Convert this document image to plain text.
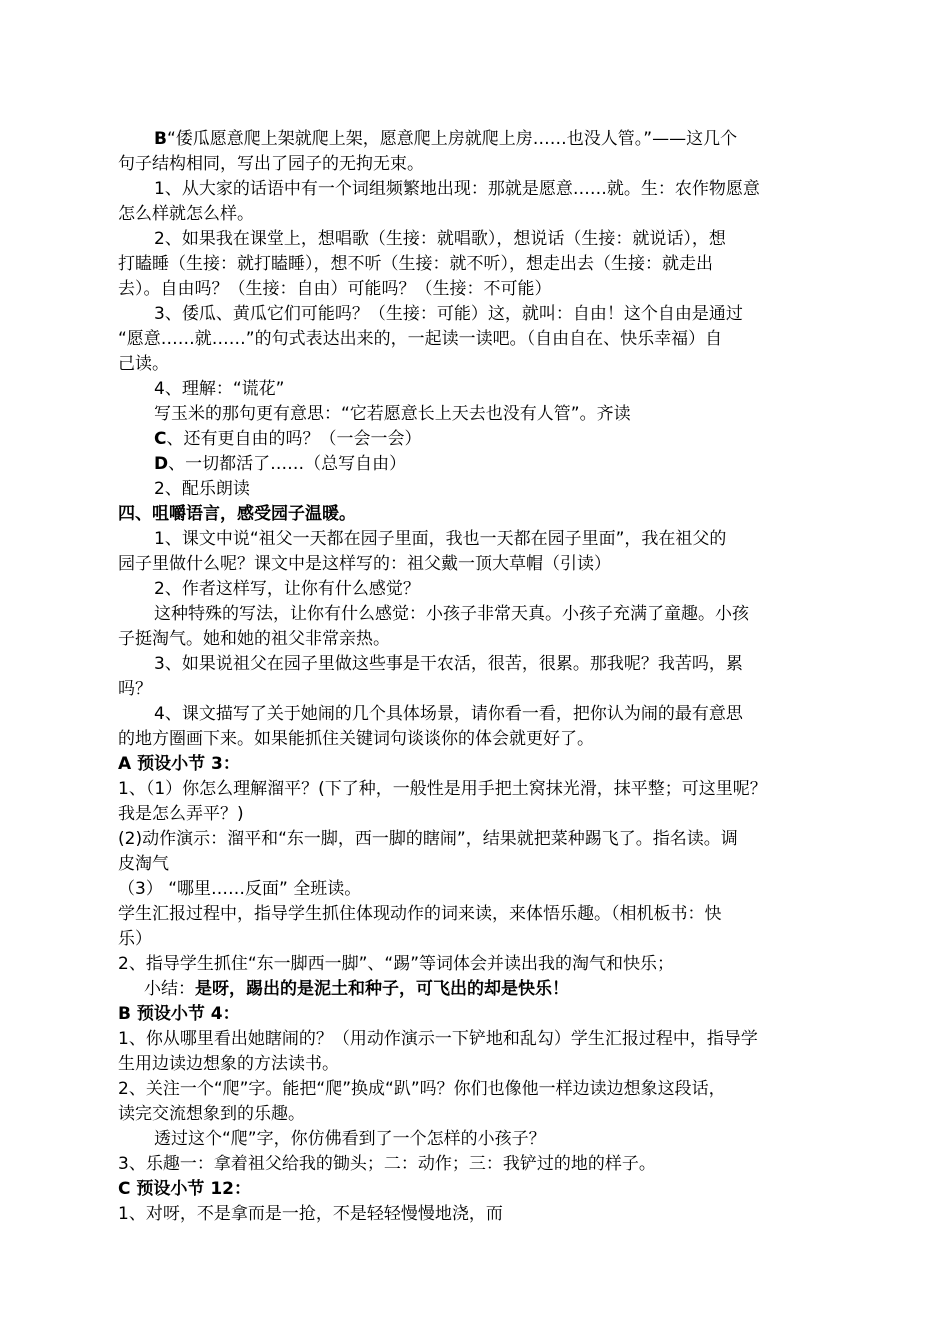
B“倭瓜愿意爬上架就爬上架，愿意爬上房就爬上房……也没人管。”——这几个
句子结构相同，写出了园子的无拘无束。
1、从大家的话语中有一个词组频繁地出现：那就是愿意……就。生：农作物愿意
怎么样就怎么样。
2、如果我在课堂上，想唱歌（生接：就唱歌），想说话（生接：就说话），想
打瞌睡（生接：就打瞌睡），想不听（生接：就不听），想走出去（生接：就走出
去）。自由吗？（生接：自由）可能吗？（生接：不可能）
3、倭瓜、黄瓜它们可能吗？（生接：可能）这，就叫：自由！这个自由是通过
“愿意……就……”的句式表达出来的，一起读一读吧。（自由自在、快乐幸福）自
己读。
4、理解：“谎花”
写玉米的那句更有意思：“它若愿意长上天去也没有人管”。齐读
C、还有更自由的吗？（一会一会）
D、一切都活了……（总写自由）
2、配乐朗读
四、咀嚼语言，感受园子温暖。
1、课文中说“祖父一天都在园子里面，我也一天都在园子里面”，我在祖父的
园子里做什么呢？课文中是这样写的：祖父戴一顶大草帽（引读）
2、作者这样写，让你有什么感觉？
这种特殊的写法，让你有什么感觉：小孩子非常天真。小孩子充满了童趣。小孩
子挺淘气。她和她的祖父非常亲热。
3、如果说祖父在园子里做这些事是干农活，很苦，很累。那我呢？我苦吗，累
吗？
4、课文描写了关于她闹的几个具体场景，请你看一看，把你认为闹的最有意思
的地方圈画下来。如果能抓住关键词句谈谈你的体会就更好了。
A 预设小节 3：
1、（1）你怎么理解溜平？(下了种，一般性是用手把土窝抹光滑，抹平整；可这里呢？
我是怎么弄平？)
(2)动作演示：溜平和“东一脚，西一脚的瞎闹”，结果就把菜种踢飞了。指名读。调
皮淘气
（3） “哪里……反面” 全班读。
学生汇报过程中，指导学生抓住体现动作的词来读，来体悟乐趣。（相机板书：快
乐）
2、指导学生抓住“东一脚西一脚”、“踢”等词体会并读出我的淘气和快乐；
小结：是呀，踢出的是泥土和种子，可飞出的却是快乐！
B 预设小节 4：
1、你从哪里看出她瞎闹的？（用动作演示一下铲地和乱勾）学生汇报过程中，指导学
生用边读边想象的方法读书。
2、关注一个“爬”字。能把“爬”换成“趴”吗？你们也像他一样边读边想象这段话，
读完交流想象到的乐趣。
透过这个“爬”字，你仿佛看到了一个怎样的小孩子？
3、乐趣一：拿着祖父给我的锄头；二：动作；三：我铲过的地的样子。
C 预设小节 12：
1、对呀，不是拿而是一抢，不是轻轻慢慢地浇，而
